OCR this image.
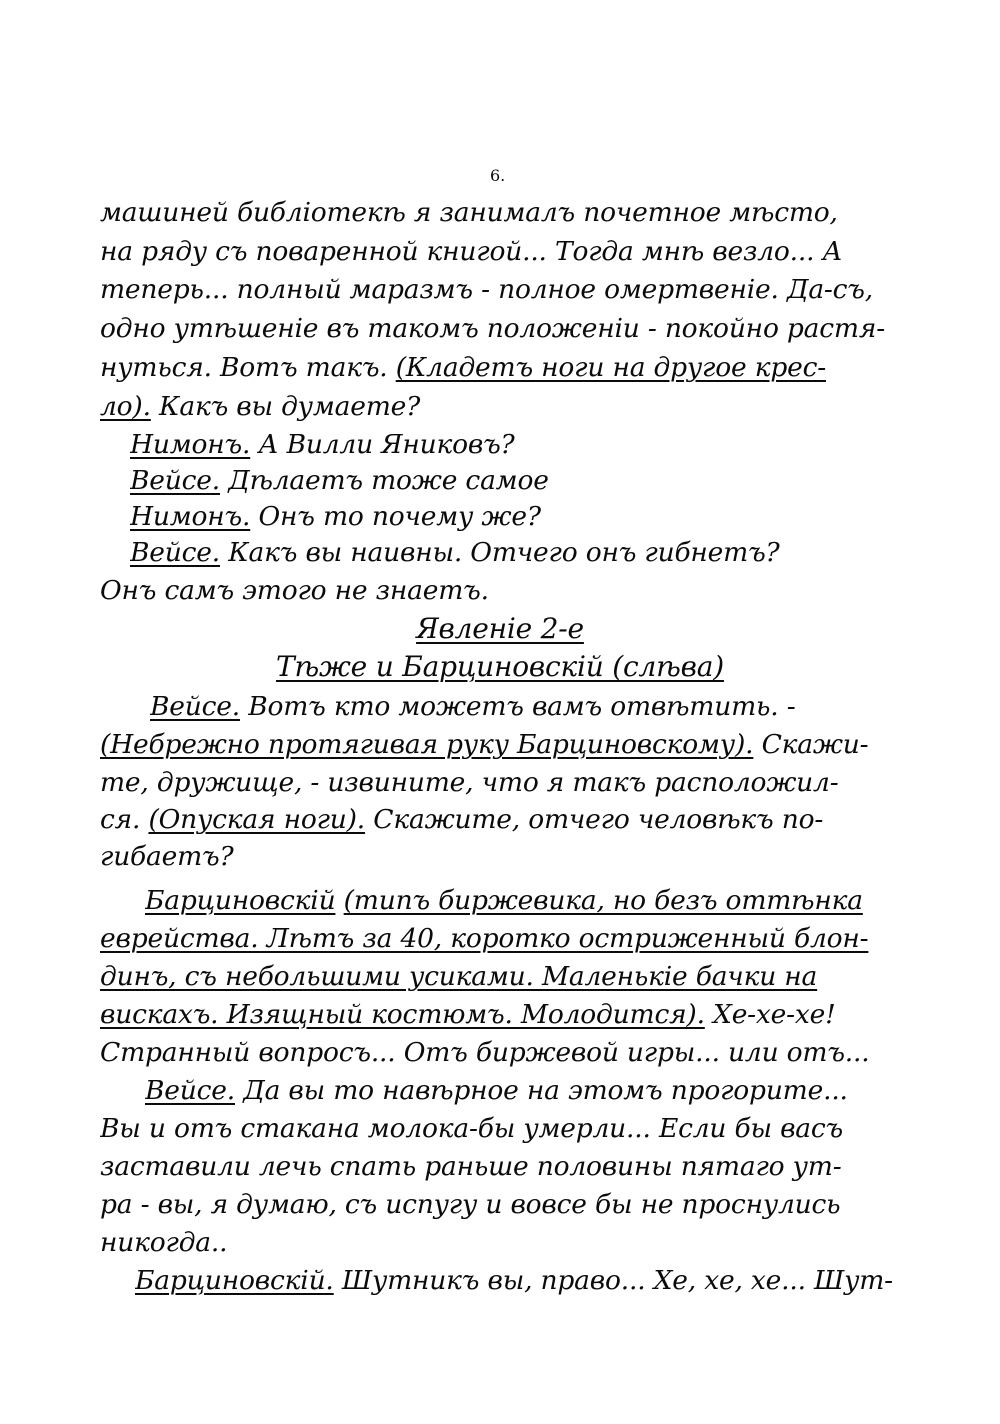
6.
машиней библіотекѣ я занималъ почетное мѣсто,
на ряду съ поваренной книгой... Тогда мнѣ везло... А
теперь... полный маразмъ - полное омертвеніе. Да-съ,
одно утѣшеніе въ такомъ положеніи - покойно растя-
нуться. Вотъ такъ. (Кладетъ ноги на другое крес-
ло). Какъ вы думаете?
Нимонъ. А Вилли Яниковъ?
Вейсе. Дѣлаетъ тоже самое
Нимонъ. Онъ то почему же?
Вейсе. Какъ вы наивны. Отчего онъ гибнетъ?
Онъ самъ этого не знаетъ.
Явленіе 2-е
Тѣже и Барциновскій (слѣва)
Вейсе. Вотъ кто можетъ вамъ отвѣтить. -
(Небрежно протягивая руку Барциновскому). Скажи-
те, дружище, - извините, что я такъ расположил-
ся. (Опуская ноги). Скажите, отчего человѣкъ по-
гибаетъ?
Барциновскій (типъ биржевика, но безъ оттѣнка
еврейства. Лѣтъ за 40, коротко остриженный блон-
динъ, съ небольшими усиками. Маленькіе бачки на
вискахъ. Изящный костюмъ. Молодится). Хе-хе-хе!
Странный вопросъ... Отъ биржевой игры... или отъ...
Вейсе. Да вы то навѣрное на этомъ прогорите...
Вы и отъ стакана молока-бы умерли... Если бы васъ
заставили лечь спать раньше половины пятаго ут-
ра - вы, я думаю, съ испугу и вовсе бы не проснулись
никогда..
Барциновскій. Шутникъ вы, право... Хе, хе, хе... Шут-
